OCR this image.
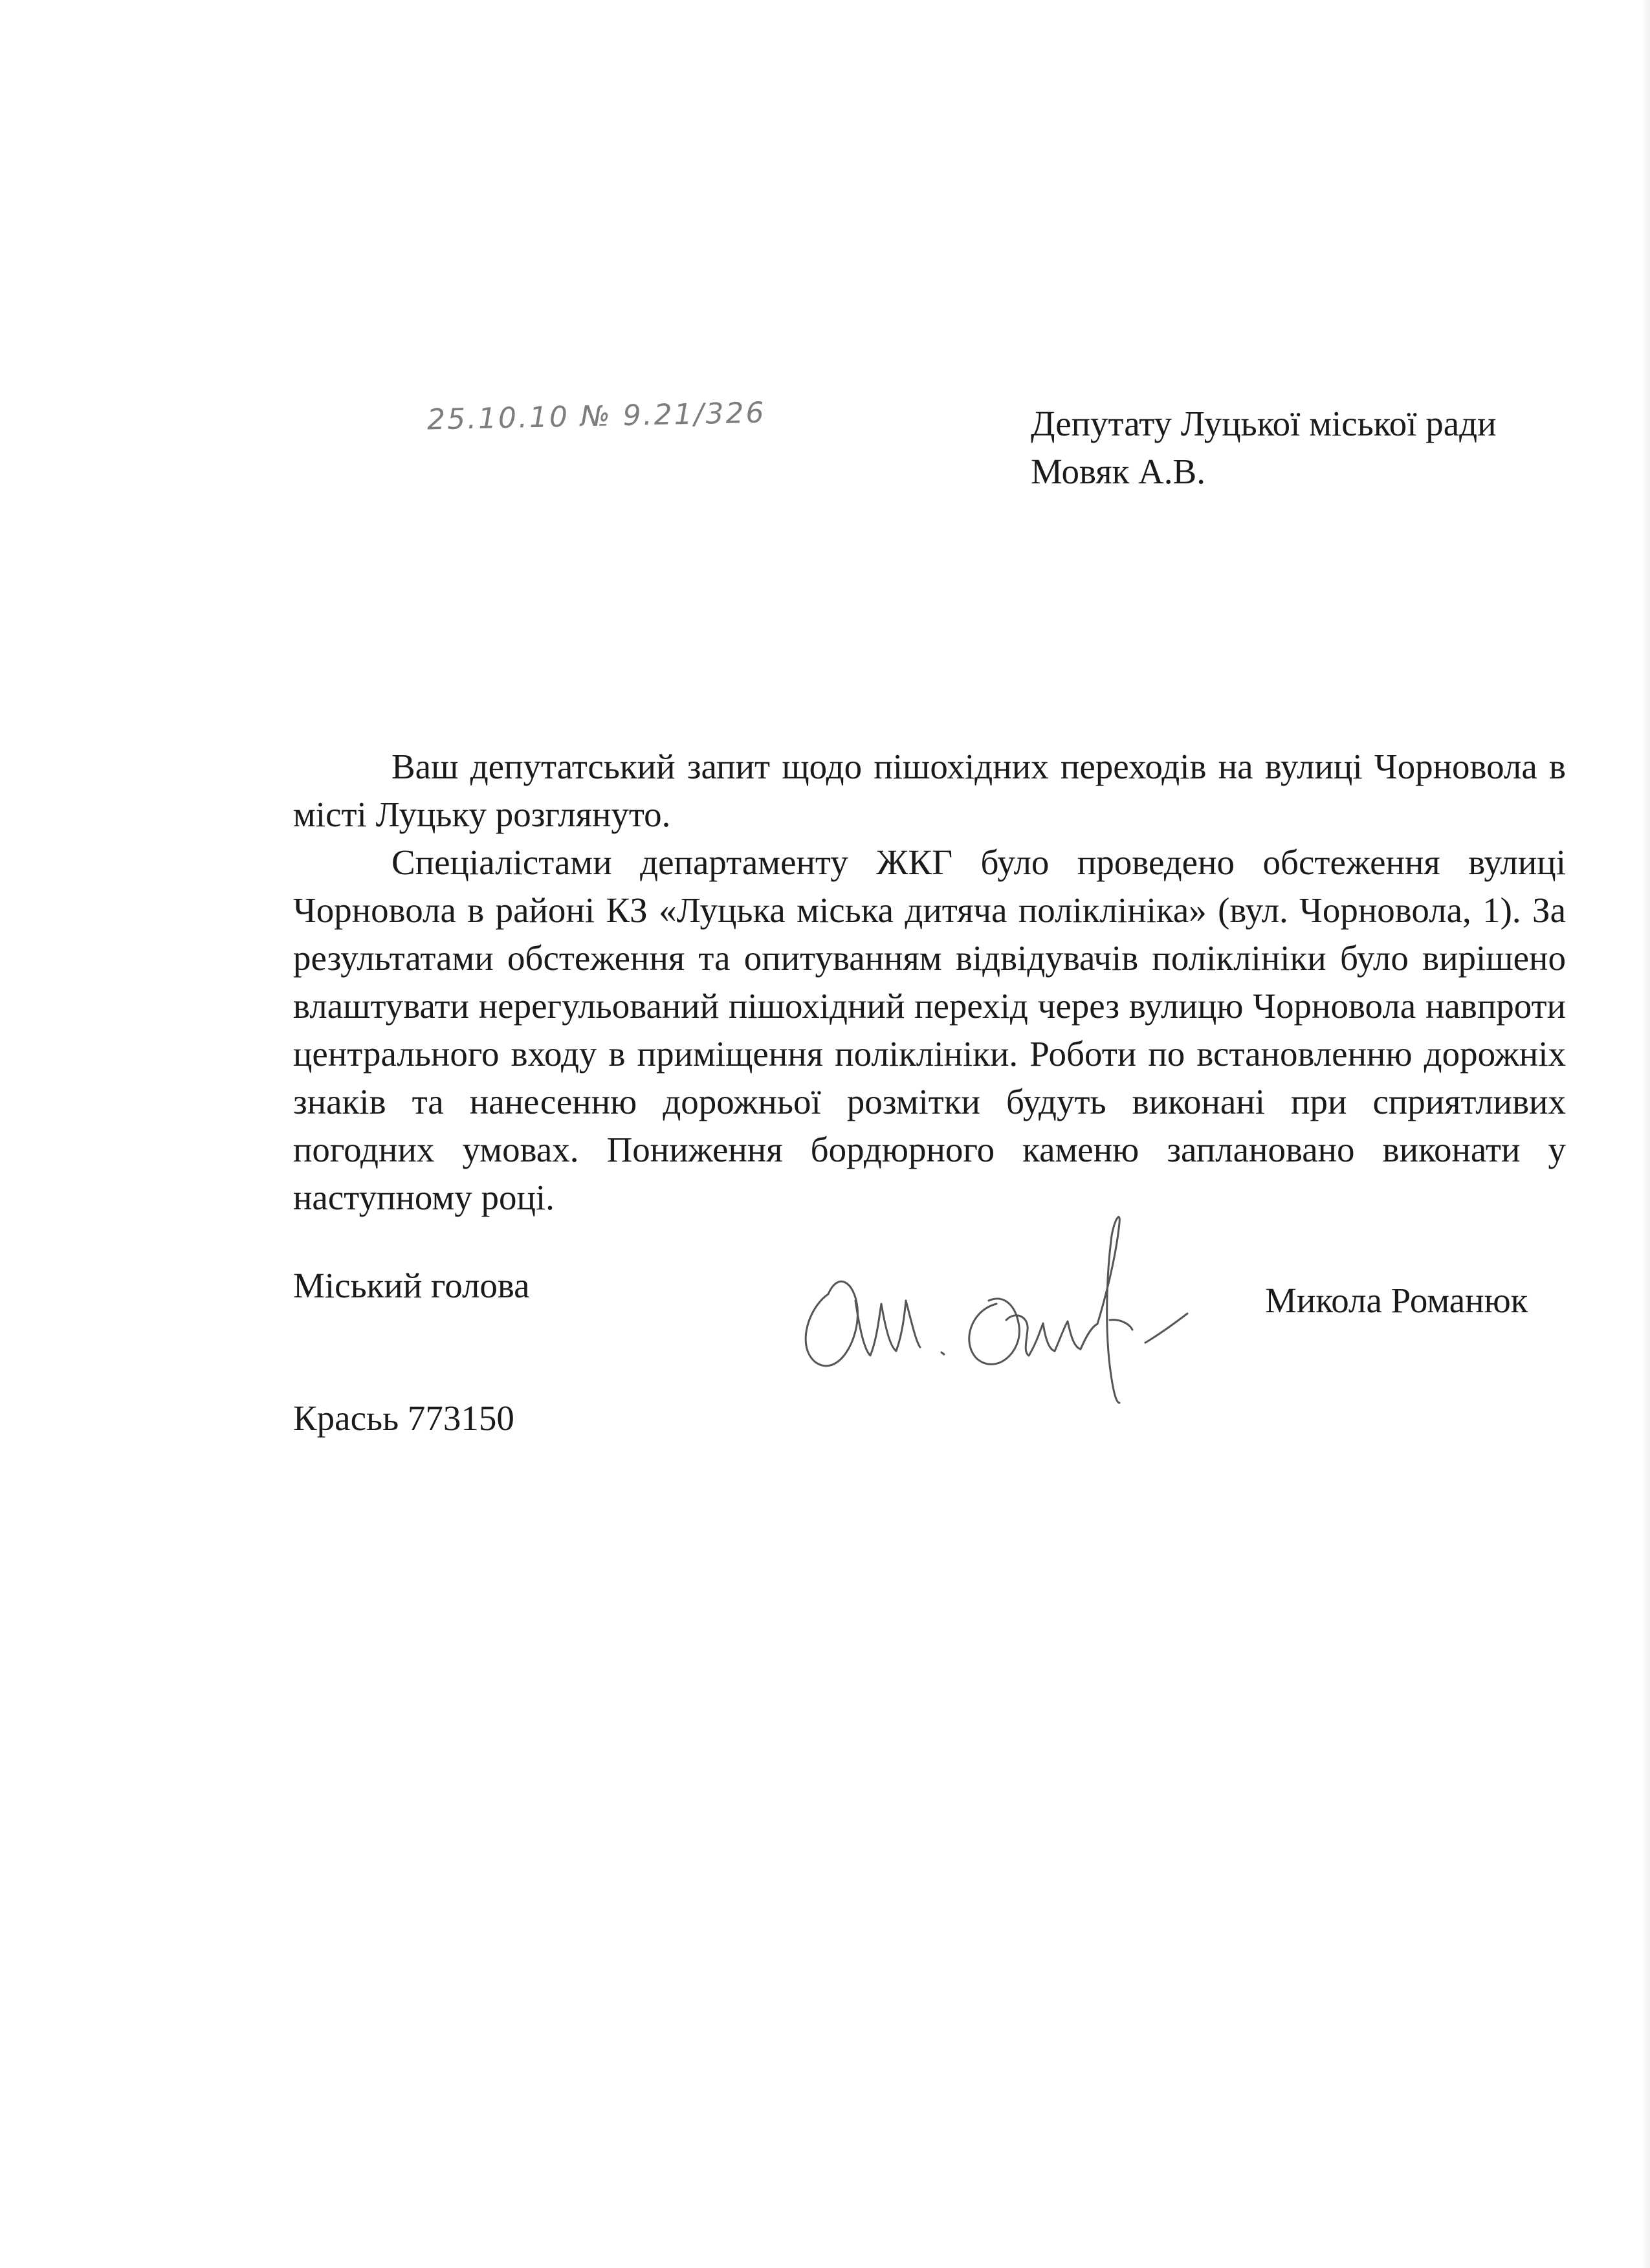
25.10.10 № 9.21/326	Депутату Луцької міської ради
Мовяк А.В.

Ваш депутатський запит щодо пішохідних переходів на вулиці Чорновола в місті Луцьку розглянуто.

Спеціалістами департаменту ЖКГ було проведено обстеження вулиці Чорновола в районі КЗ «Луцька міська дитяча поліклініка» (вул. Чорновола, 1). За результатами обстеження та опитуванням відвідувачів поліклініки було вирішено влаштувати нерегульований пішохідний перехід через вулицю Чорновола навпроти центрального входу в приміщення поліклініки. Роботи по встановленню дорожніх знаків та нанесенню дорожньої розмітки будуть виконані при сприятливих погодних умовах. Пониження бордюрного каменю заплановано виконати у наступному році.

Міський голова	Микола Романюк
Красьь 773150
